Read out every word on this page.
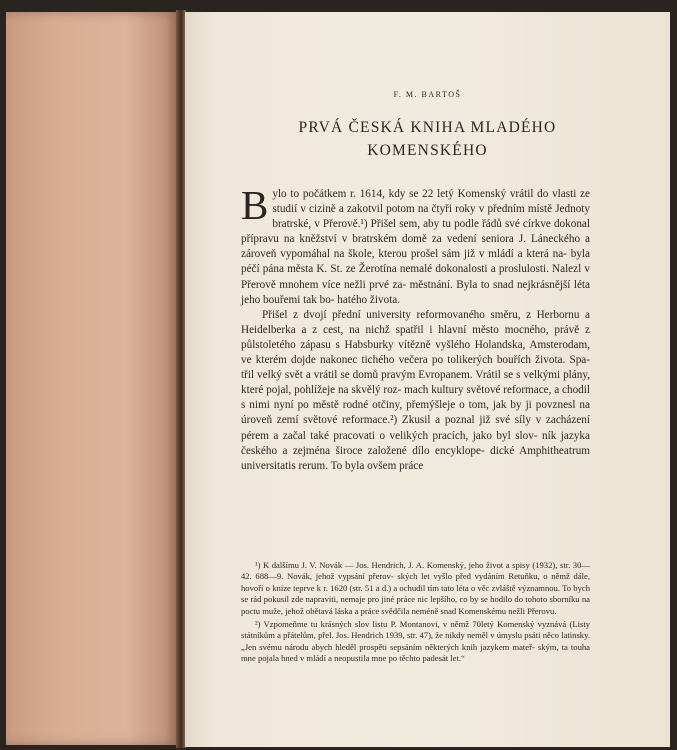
F. M. BARTOŠ
PRVÁ ČESKÁ KNIHA MLADÉHO
KOMENSKÉHO

Bylo to počátkem r. 1614, kdy se 22 letý Komenský vrátil do vlasti ze studií v cizině a zakotvil potom na čtyři roky v předním místě Jednoty bratrské, v Přerově.¹) Přišel sem, aby tu podle řádů své církve dokonal přípravu na kněžství v bratrském domě za vedení seniora J. Láneckého a zároveň vypomáhal na škole, kterou prošel sám již v mládí a která na‐ byla péčí pána města K. St. ze Žerotína nemalé dokonalosti a proslulosti. Nalezl v Přerově mnohem více nežli prvé za‐ městnání. Byla to snad nejkrásnější léta jeho bouřemi tak bo‐ hatého života.

Přišel z dvojí přední university reformovaného směru, z Herbornu a Heidelberka a z cest, na nichž spatřil i hlavní město mocného, právě z půlstoletého zápasu s Habsburky vítězně vyšlého Holandska, Amsterodam, ve kterém dojde nakonec tichého večera po tolikerých bouřích života. Spa‐ třil velký svět a vrátil se domů pravým Evropanem. Vrátil se s velkými plány, které pojal, pohlížeje na skvělý roz‐ mach kultury světové reformace, a chodil s nimi nyní po městě rodné otčiny, přemýšleje o tom, jak by ji povznesl na úroveň zemí světové reformace.²) Zkusil a poznal již své síly v zacházení pérem a začal také pracovati o velikých pracích, jako byl slov‐ ník jazyka českého a zejména široce založené dílo encyklope‐ dické Amphitheatrum universitatis rerum. To byla ovšem práce

¹) K dalšímu J. V. Novák — Jos. Hendrich, J. A. Komenský, jeho život a spisy (1932), str. 30—42. 688—9. Novák, jehož vypsání přerov‐ ských let vyšlo před vydáním Retuňku, o němž dále, hovoří o knize teprve k r. 1620 (str. 51 a d.) a ochudil tím tato léta o věc zvláště významnou. To bych se rád pokusil zde napraviti, nemaje pro jiné práce nic lepšího, co by se hodilo do tohoto sborníku na poctu muže, jehož obětavá láska a práce svědčila neméně snad Komenskému nežli Přerovu.

²) Vzpomeňme tu krásných slov listu P. Montanovi, v němž 70letý Komenský vyznává (Listy státníkům a přátelům, přel. Jos. Hendrich 1939, str. 47), že nikdy neměl v úmyslu psáti něco latinsky. „Jen svému národu abych hleděl prospěti sepsáním některých knih jazykem mateř‐ ským, ta touha mne pojala hned v mládí a neopustila mne po těchto padesát let.“
